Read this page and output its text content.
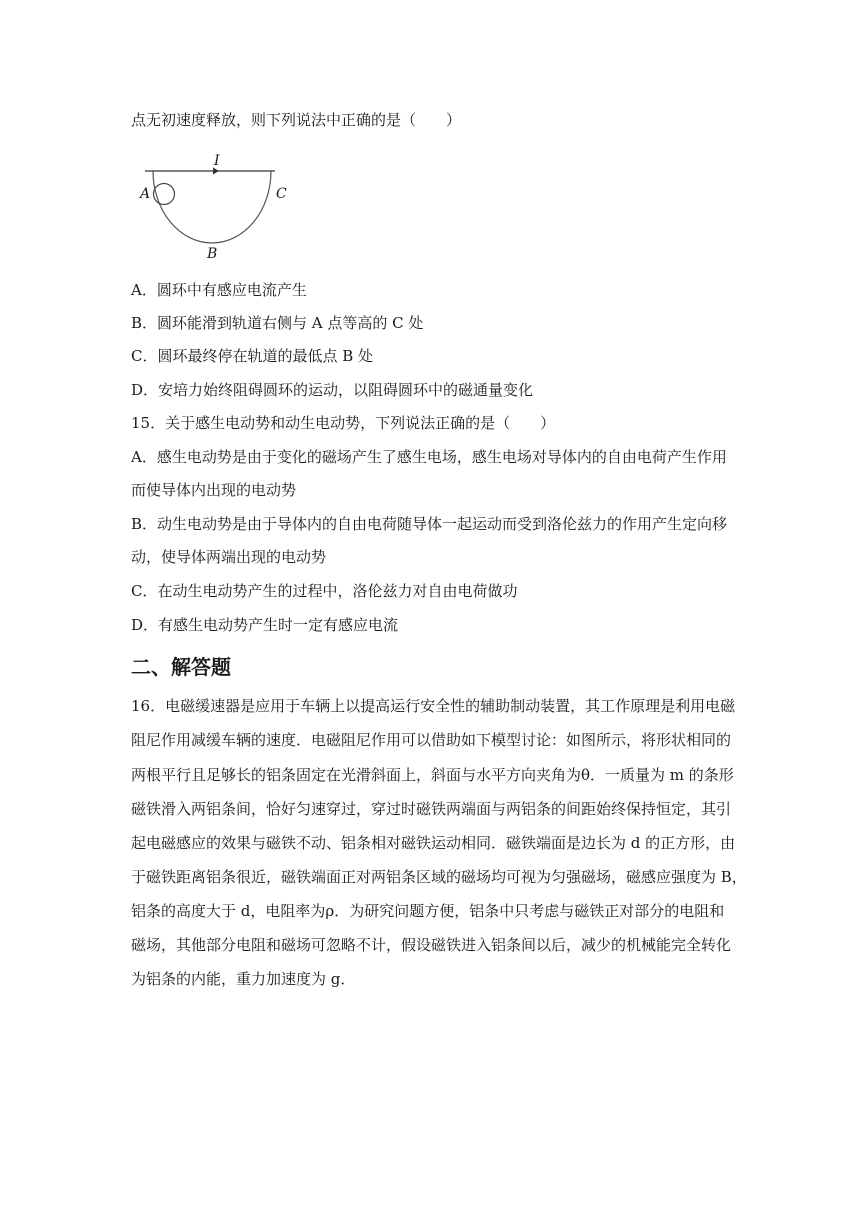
点无初速度释放，则下列说法中正确的是（　　）
I
A	C
B
A．圆环中有感应电流产生
B．圆环能滑到轨道右侧与 A 点等高的 C 处
C．圆环最终停在轨道的最低点 B 处
D．安培力始终阻碍圆环的运动，以阻碍圆环中的磁通量变化
15．关于感生电动势和动生电动势，下列说法正确的是（　　）
A．感生电动势是由于变化的磁场产生了感生电场，感生电场对导体内的自由电荷产生作用
而使导体内出现的电动势
B．动生电动势是由于导体内的自由电荷随导体一起运动而受到洛伦兹力的作用产生定向移
动，使导体两端出现的电动势
C．在动生电动势产生的过程中，洛伦兹力对自由电荷做功
D．有感生电动势产生时一定有感应电流
二、解答题
16．电磁缓速器是应用于车辆上以提高运行安全性的辅助制动装置，其工作原理是利用电磁
阻尼作用减缓车辆的速度．电磁阻尼作用可以借助如下模型讨论：如图所示，将形状相同的
两根平行且足够长的铝条固定在光滑斜面上，斜面与水平方向夹角为θ．一质量为 m 的条形
磁铁滑入两铝条间，恰好匀速穿过，穿过时磁铁两端面与两铝条的间距始终保持恒定，其引
起电磁感应的效果与磁铁不动、铝条相对磁铁运动相同．磁铁端面是边长为 d 的正方形，由
于磁铁距离铝条很近，磁铁端面正对两铝条区域的磁场均可视为匀强磁场，磁感应强度为 B，
铝条的高度大于 d，电阻率为ρ．为研究问题方便，铝条中只考虑与磁铁正对部分的电阻和
磁场，其他部分电阻和磁场可忽略不计，假设磁铁进入铝条间以后，减少的机械能完全转化
为铝条的内能，重力加速度为 g．
